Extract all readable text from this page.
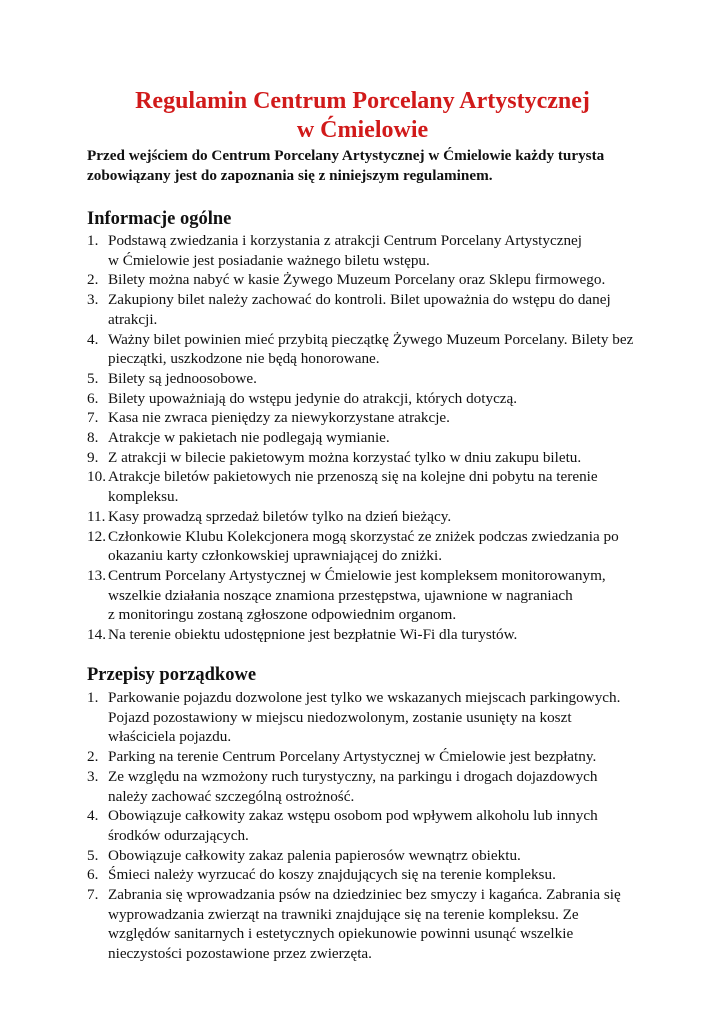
Regulamin Centrum Porcelany Artystycznej
w Ćmielowie

Przed wejściem do Centrum Porcelany Artystycznej w Ćmielowie każdy turysta
zobowiązany jest do zapoznania się z niniejszym regulaminem.

Informacje ogólne
1. Podstawą zwiedzania i korzystania z atrakcji Centrum Porcelany Artystycznej
w Ćmielowie jest posiadanie ważnego biletu wstępu.
2. Bilety można nabyć w kasie Żywego Muzeum Porcelany oraz Sklepu firmowego.
3. Zakupiony bilet należy zachować do kontroli. Bilet upoważnia do wstępu do danej
atrakcji.
4. Ważny bilet powinien mieć przybitą pieczątkę Żywego Muzeum Porcelany. Bilety bez
pieczątki, uszkodzone nie będą honorowane.
5. Bilety są jednoosobowe.
6. Bilety upoważniają do wstępu jedynie do atrakcji, których dotyczą.
7. Kasa nie zwraca pieniędzy za niewykorzystane atrakcje.
8. Atrakcje w pakietach nie podlegają wymianie.
9. Z atrakcji w bilecie pakietowym można korzystać tylko w dniu zakupu biletu.
10. Atrakcje biletów pakietowych nie przenoszą się na kolejne dni pobytu na terenie
kompleksu.
11. Kasy prowadzą sprzedaż biletów tylko na dzień bieżący.
12. Członkowie Klubu Kolekcjonera mogą skorzystać ze zniżek podczas zwiedzania po
okazaniu karty członkowskiej uprawniającej do zniżki.
13. Centrum Porcelany Artystycznej w Ćmielowie jest kompleksem monitorowanym,
wszelkie działania noszące znamiona przestępstwa, ujawnione w nagraniach
z monitoringu zostaną zgłoszone odpowiednim organom.
14. Na terenie obiektu udostępnione jest bezpłatnie Wi-Fi dla turystów.
Przepisy porządkowe
1. Parkowanie pojazdu dozwolone jest tylko we wskazanych miejscach parkingowych.
Pojazd pozostawiony w miejscu niedozwolonym, zostanie usunięty na koszt
właściciela pojazdu.
2. Parking na terenie Centrum Porcelany Artystycznej w Ćmielowie jest bezpłatny.
3. Ze względu na wzmożony ruch turystyczny, na parkingu i drogach dojazdowych
należy zachować szczególną ostrożność.
4. Obowiązuje całkowity zakaz wstępu osobom pod wpływem alkoholu lub innych
środków odurzających.
5. Obowiązuje całkowity zakaz palenia papierosów wewnątrz obiektu.
6. Śmieci należy wyrzucać do koszy znajdujących się na terenie kompleksu.
7. Zabrania się wprowadzania psów na dziedziniec bez smyczy i kagańca. Zabrania się
wyprowadzania zwierząt na trawniki znajdujące się na terenie kompleksu. Ze
względów sanitarnych i estetycznych opiekunowie powinni usunąć wszelkie
nieczystości pozostawione przez zwierzęta.
